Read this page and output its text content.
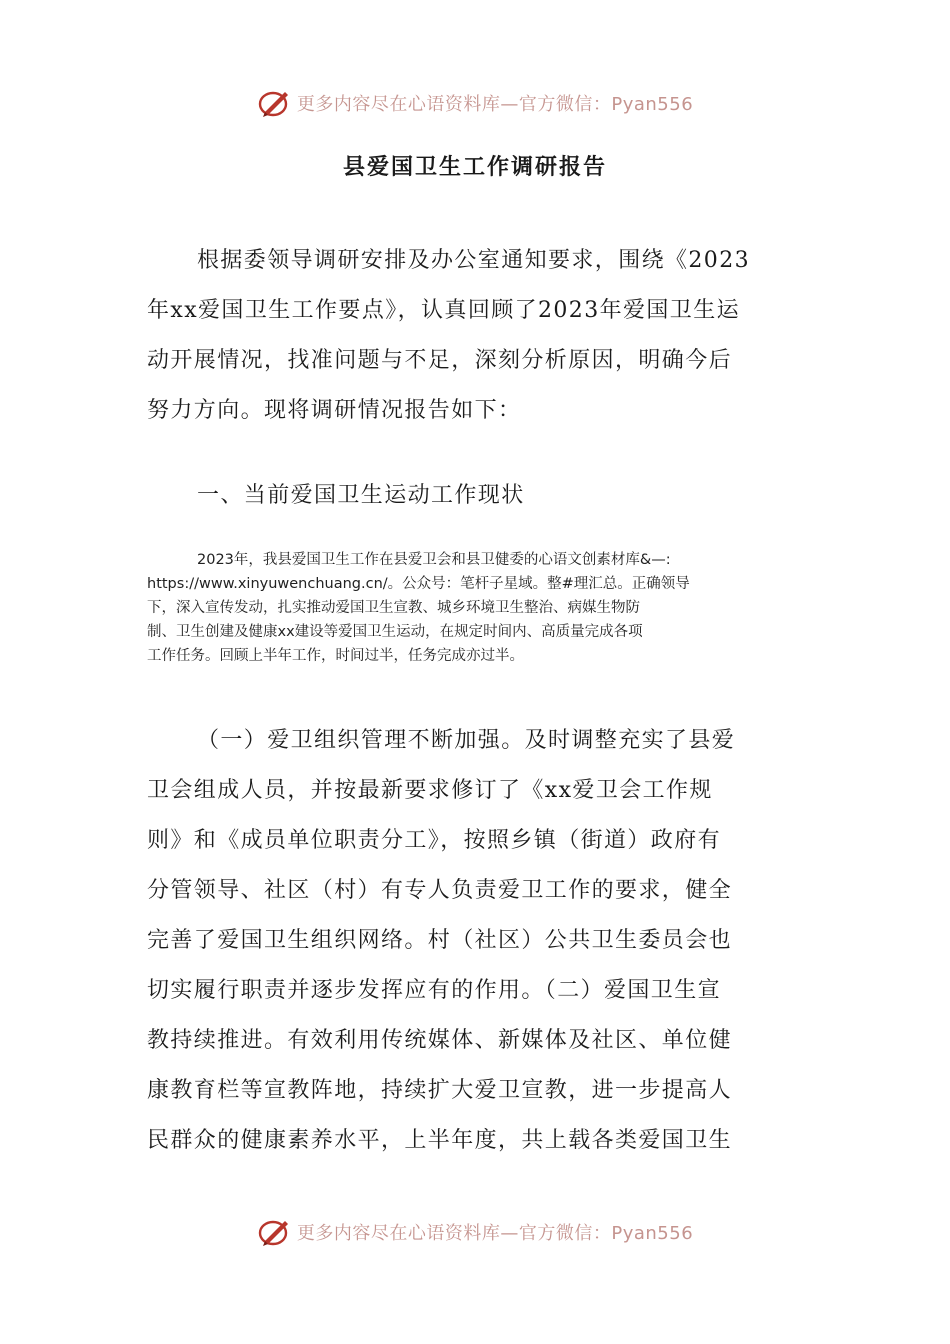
更多内容尽在心语资料库—官方微信：Pyan556
县爱国卫生工作调研报告
根据委领导调研安排及办公室通知要求，围绕《2023
年xx爱国卫生工作要点》，认真回顾了2023年爱国卫生运
动开展情况，找准问题与不足，深刻分析原因，明确今后
努力方向。现将调研情况报告如下：
一、当前爱国卫生运动工作现状
2023年，我县爱国卫生工作在县爱卫会和县卫健委的心语文创素材库&—:
https://www.xinyuwenchuang.cn/。公众号：笔杆子星域。整#理汇总。正确领导
下，深入宣传发动，扎实推动爱国卫生宣教、城乡环境卫生整治、病媒生物防
制、卫生创建及健康xx建设等爱国卫生运动，在规定时间内、高质量完成各项
工作任务。回顾上半年工作，时间过半，任务完成亦过半。
（一）爱卫组织管理不断加强。及时调整充实了县爱
卫会组成人员，并按最新要求修订了《xx爱卫会工作规
则》和《成员单位职责分工》，按照乡镇（街道）政府有
分管领导、社区（村）有专人负责爱卫工作的要求，健全
完善了爱国卫生组织网络。村（社区）公共卫生委员会也
切实履行职责并逐步发挥应有的作用。（二）爱国卫生宣
教持续推进。有效利用传统媒体、新媒体及社区、单位健
康教育栏等宣教阵地，持续扩大爱卫宣教，进一步提高人
民群众的健康素养水平，上半年度，共上载各类爱国卫生
更多内容尽在心语资料库—官方微信：Pyan556
